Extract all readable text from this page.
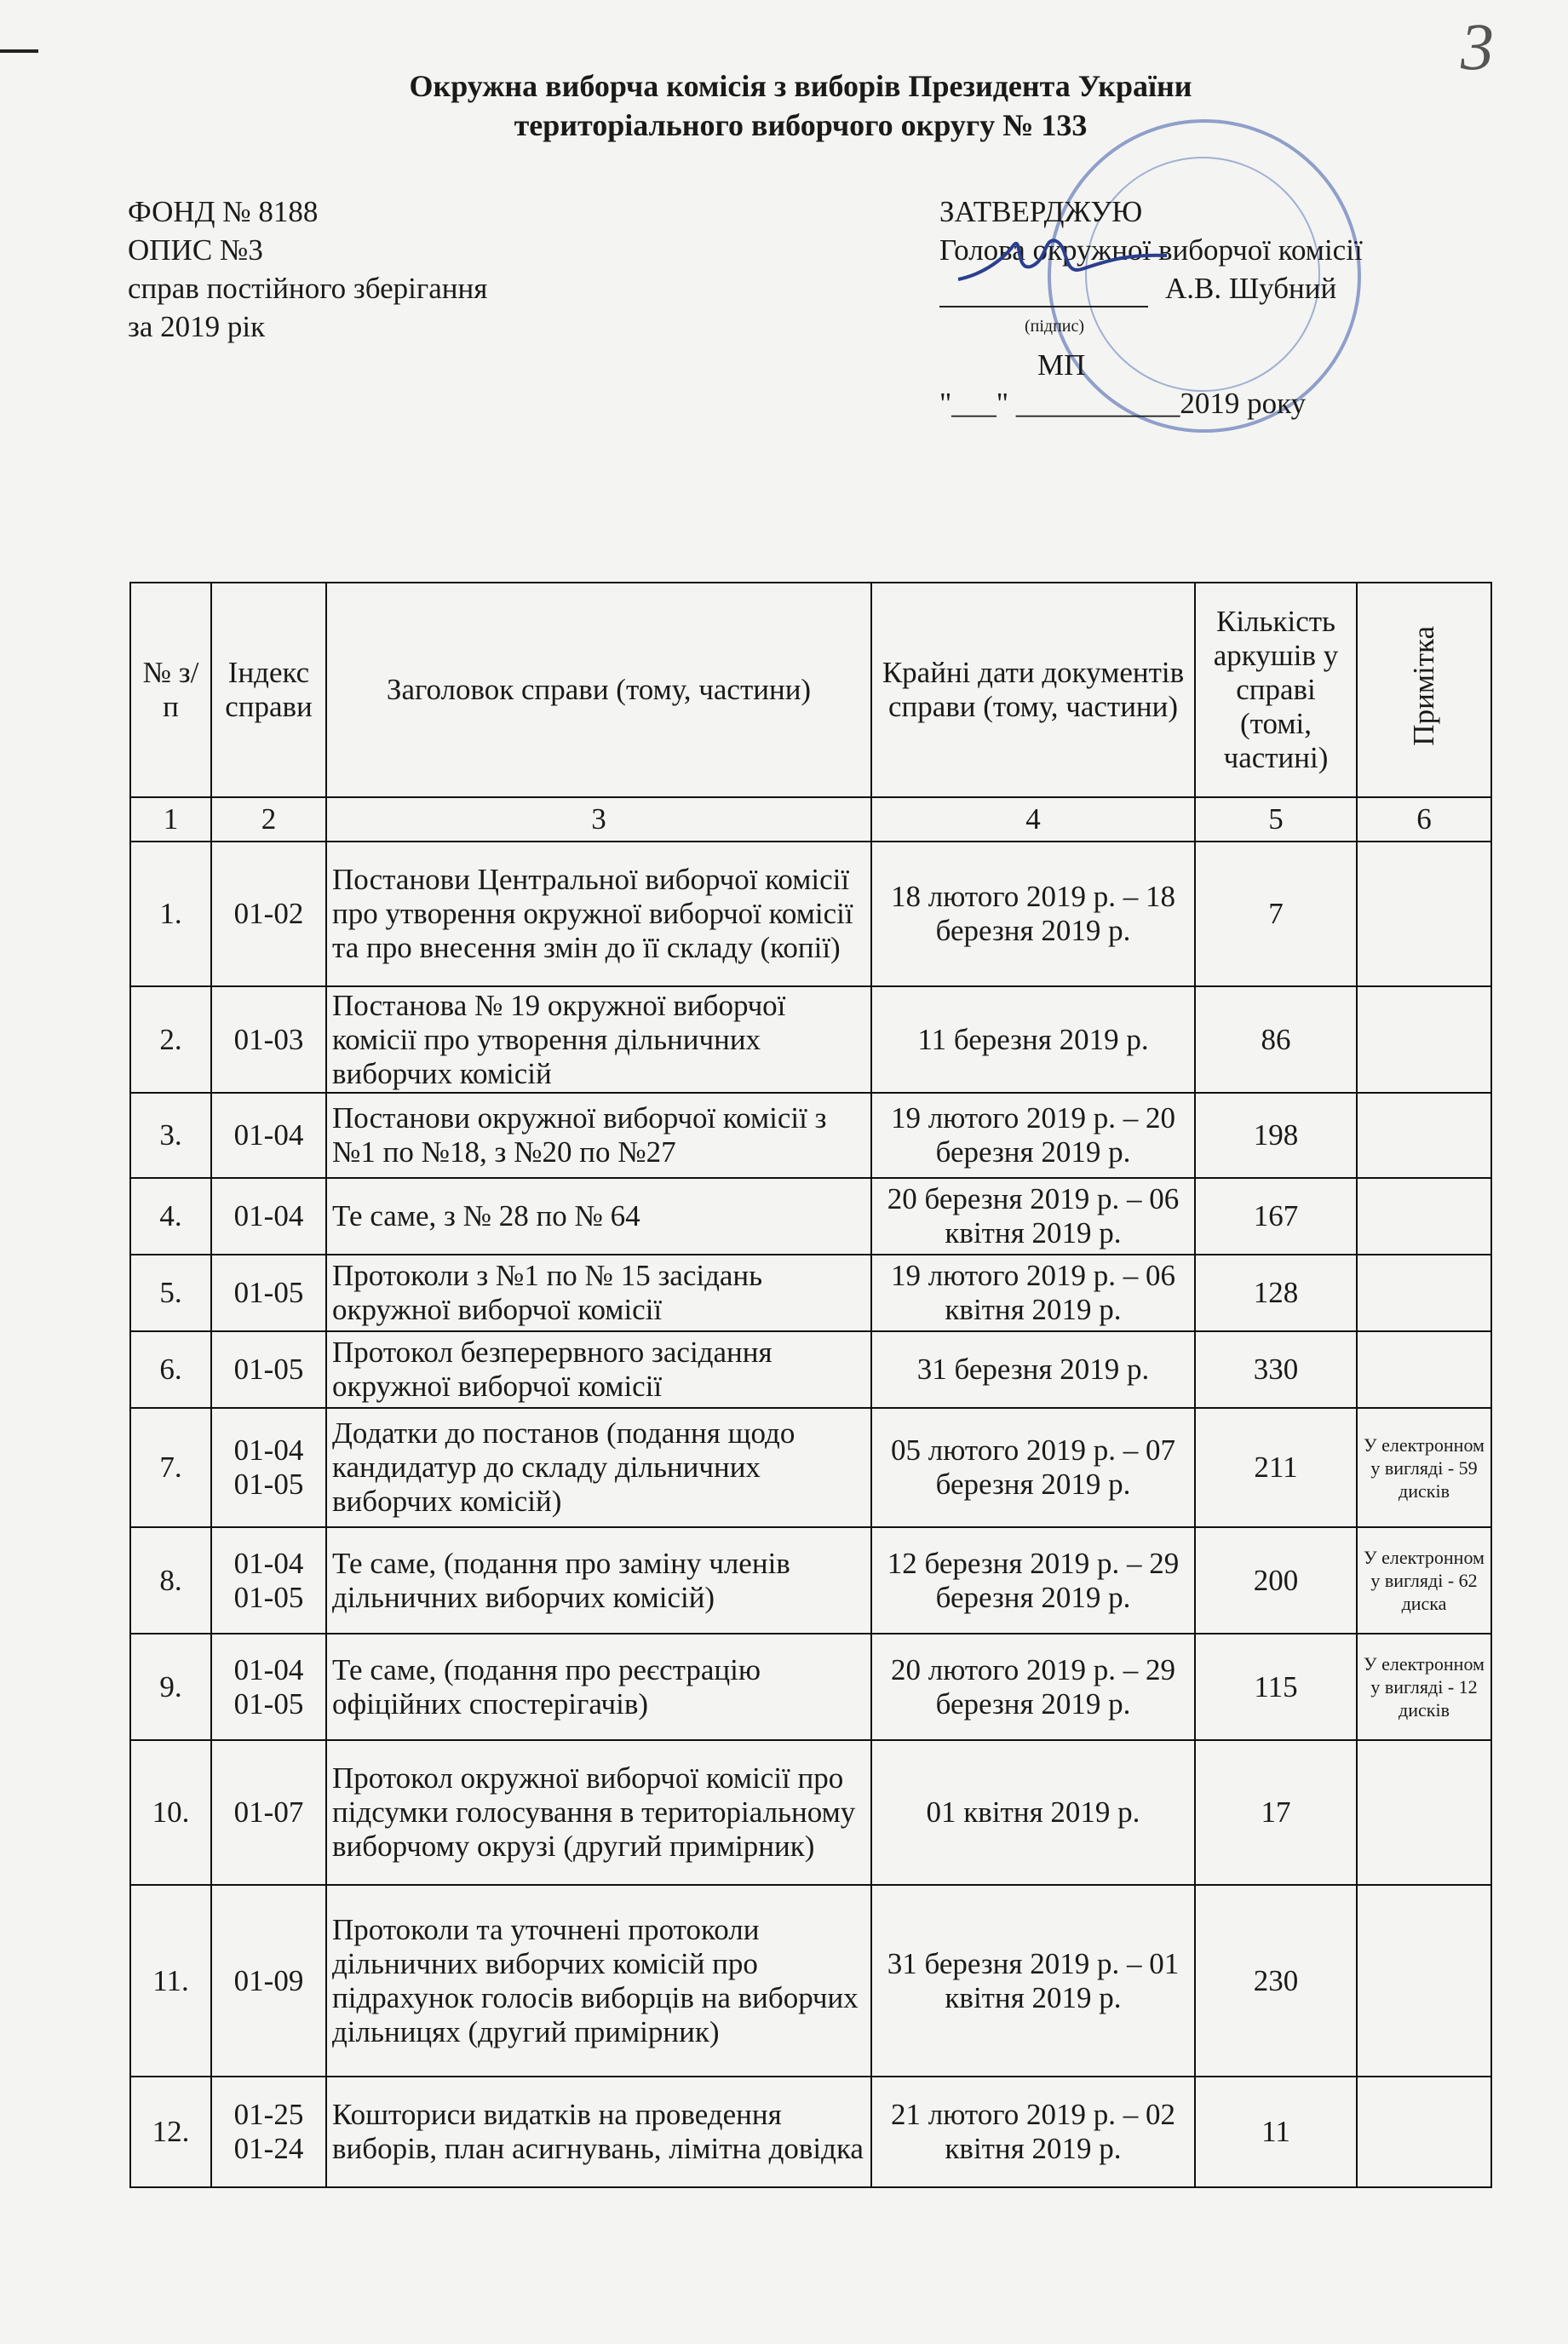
3
Окружна виборча комісія з виборів Президента України
територіального виборчого округу № 133
ФОНД № 8188
ОПИС №3
справ постійного зберігання
за 2019 рік
ЗАТВЕРДЖУЮ
Голова окружної виборчої комісії
А.В. Шубний
(підпис)
МП
"___" ___________2019 року
№ з/п	Індекс справи	Заголовок справи (тому, частини)	Крайні дати документів справи (тому, частини)	Кількість аркушів у справі (томі, частині)	Примітка
1	2	3	4	5	6
1.	01-02	Постанови Центральної виборчої комісії про утворення окружної виборчої комісії та про внесення змін до її складу (копії)	18 лютого 2019 р. – 18 березня 2019 р.	7	
2.	01-03	Постанова № 19 окружної виборчої комісії про утворення дільничних виборчих комісій	11 березня 2019 р.	86	
3.	01-04	Постанови окружної виборчої комісії з №1 по №18, з №20 по №27	19 лютого 2019 р. – 20 березня 2019 р.	198	
4.	01-04	Те саме, з № 28 по № 64	20 березня 2019 р. – 06 квітня 2019 р.	167	
5.	01-05	Протоколи з №1 по № 15 засідань окружної виборчої комісії	19 лютого 2019 р. – 06 квітня 2019 р.	128	
6.	01-05	Протокол безперервного засідання окружної виборчої комісії	31 березня 2019 р.	330	
7.	01-04 01-05	Додатки до постанов (подання щодо кандидатур до складу дільничних виборчих комісій)	05 лютого 2019 р. – 07 березня 2019 р.	211	У електронном у вигляді - 59 дисків
8.	01-04 01-05	Те саме, (подання про заміну членів дільничних виборчих комісій)	12 березня 2019 р. – 29 березня 2019 р.	200	У електронном у вигляді - 62 диска
9.	01-04 01-05	Те саме, (подання про реєстрацію офіційних спостерігачів)	20 лютого 2019 р. – 29 березня 2019 р.	115	У електронном у вигляді - 12 дисків
10.	01-07	Протокол окружної виборчої комісії про підсумки голосування в територіальному виборчому окрузі (другий примірник)	01 квітня 2019 р.	17	
11.	01-09	Протоколи та уточнені протоколи дільничних виборчих комісій про підрахунок голосів виборців на виборчих дільницях (другий примірник)	31 березня 2019 р. – 01 квітня 2019 р.	230	
12.	01-25 01-24	Кошториси видатків на проведення виборів, план асигнувань, лімітна довідка	21 лютого 2019 р. – 02 квітня 2019 р.	11	
